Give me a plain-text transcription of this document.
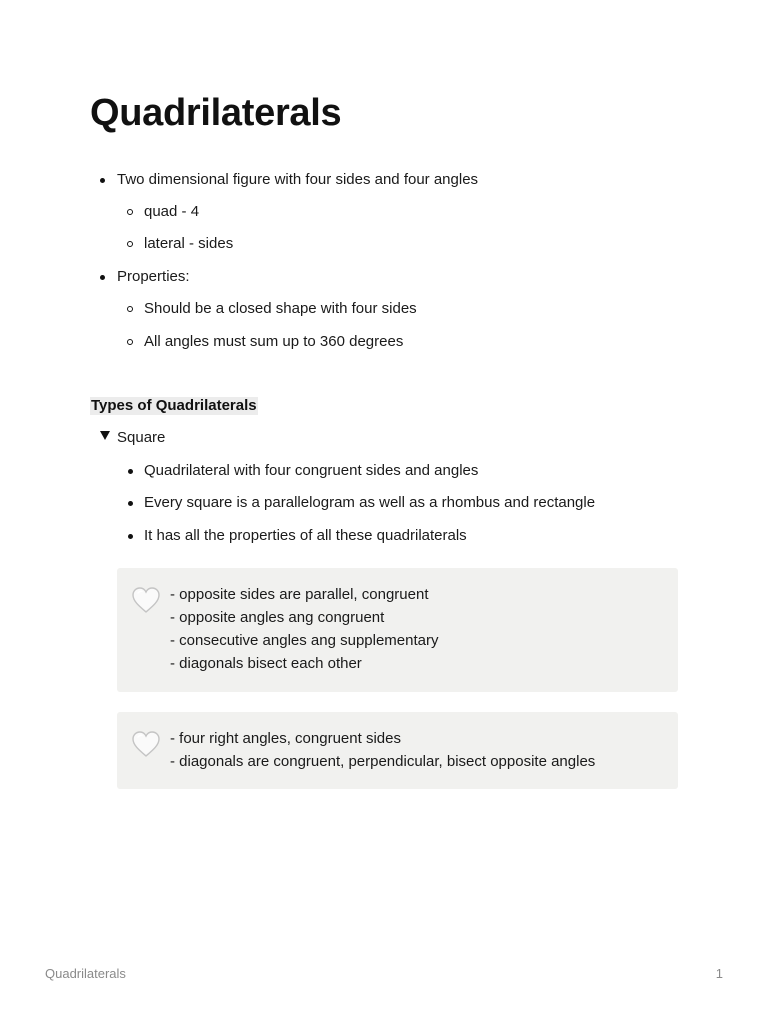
Quadrilaterals
Two dimensional figure with four sides and four angles
quad - 4
lateral - sides
Properties:
Should be a closed shape with four sides
All angles must sum up to 360 degrees
Types of Quadrilaterals
Square
Quadrilateral with four congruent sides and angles
Every square is a parallelogram as well as a rhombus and rectangle
It has all the properties of all these quadrilaterals
- opposite sides are parallel, congruent
- opposite angles ang congruent
- consecutive angles ang supplementary
- diagonals bisect each other
- four right angles, congruent sides
- diagonals are congruent, perpendicular, bisect opposite angles
Quadrilaterals	1
